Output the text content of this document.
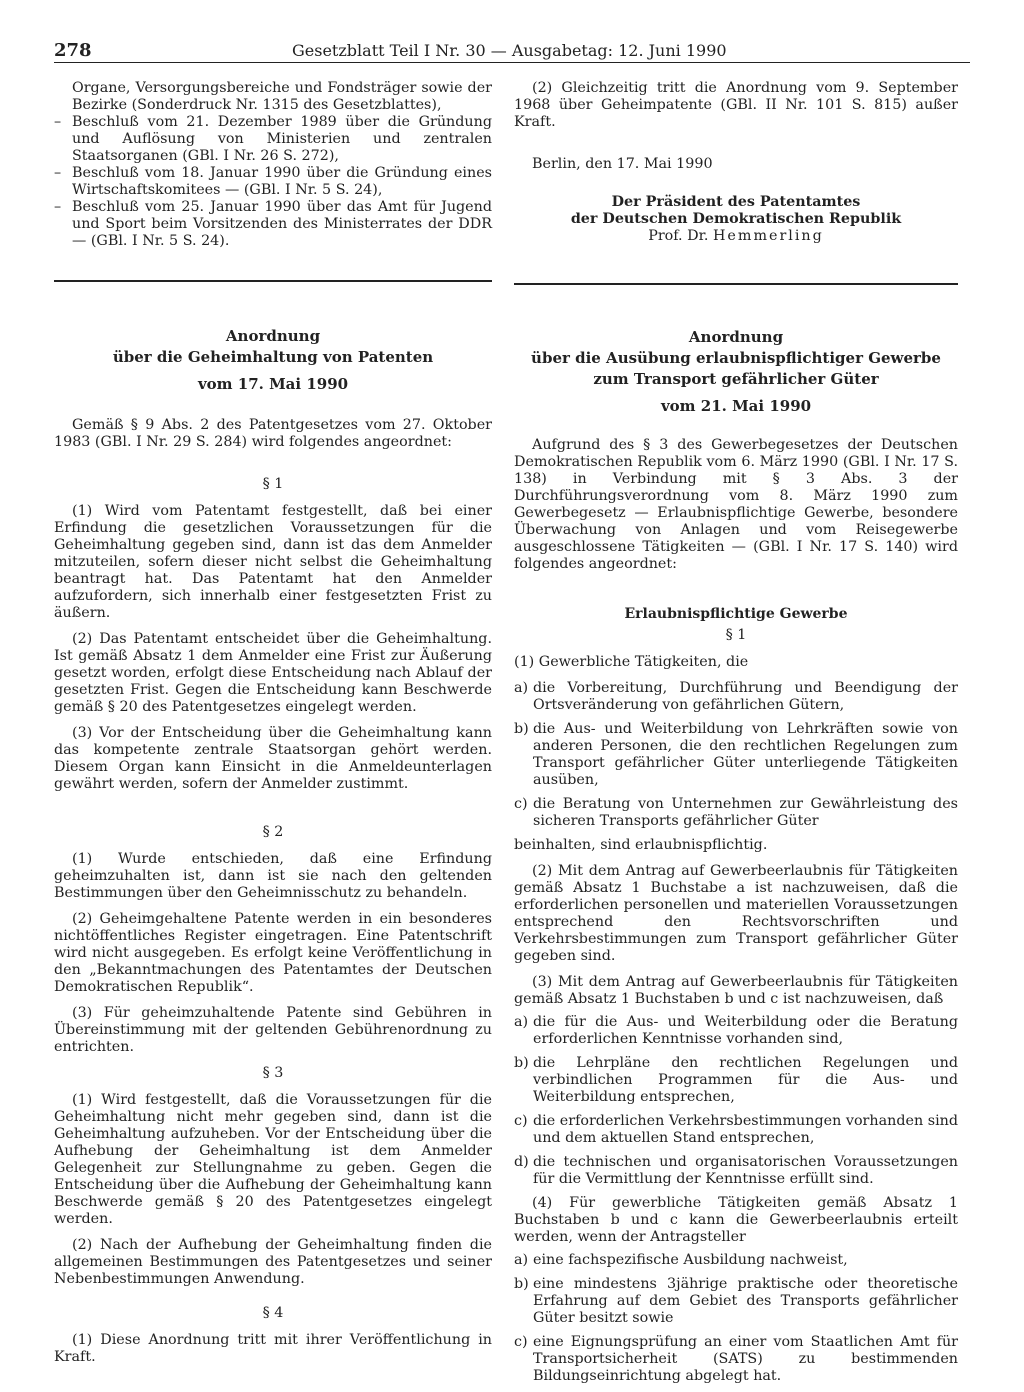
278	Gesetzblatt Teil I Nr. 30 — Ausgabetag: 12. Juni 1990

Organe, Versorgungsbereiche und Fondsträger sowie der Bezirke (Sonderdruck Nr. 1315 des Gesetzblattes),

– Beschluß vom 21. Dezember 1989 über die Gründung und Auflösung von Ministerien und zentralen Staatsorganen (GBl. I Nr. 26 S. 272),
– Beschluß vom 18. Januar 1990 über die Gründung eines Wirtschaftskomitees — (GBl. I Nr. 5 S. 24),
– Beschluß vom 25. Januar 1990 über das Amt für Jugend und Sport beim Vorsitzenden des Ministerrates der DDR — (GBl. I Nr. 5 S. 24).
Anordnung
über die Geheimhaltung von Patenten
vom 17. Mai 1990

Gemäß § 9 Abs. 2 des Patentgesetzes vom 27. Oktober 1983 (GBl. I Nr. 29 S. 284) wird folgendes angeordnet:

§ 1

(1) Wird vom Patentamt festgestellt, daß bei einer Erfindung die gesetzlichen Voraussetzungen für die Geheimhaltung gegeben sind, dann ist das dem Anmelder mitzuteilen, sofern dieser nicht selbst die Geheimhaltung beantragt hat. Das Patentamt hat den Anmelder aufzufordern, sich innerhalb einer festgesetzten Frist zu äußern.

(2) Das Patentamt entscheidet über die Geheimhaltung. Ist gemäß Absatz 1 dem Anmelder eine Frist zur Äußerung gesetzt worden, erfolgt diese Entscheidung nach Ablauf der gesetzten Frist. Gegen die Entscheidung kann Beschwerde gemäß § 20 des Patentgesetzes eingelegt werden.

(3) Vor der Entscheidung über die Geheimhaltung kann das kompetente zentrale Staatsorgan gehört werden. Diesem Organ kann Einsicht in die Anmeldeunterlagen gewährt werden, sofern der Anmelder zustimmt.

§ 2

(1) Wurde entschieden, daß eine Erfindung geheimzuhalten ist, dann ist sie nach den geltenden Bestimmungen über den Geheimnisschutz zu behandeln.

(2) Geheimgehaltene Patente werden in ein besonderes nichtöffentliches Register eingetragen. Eine Patentschrift wird nicht ausgegeben. Es erfolgt keine Veröffentlichung in den „Bekanntmachungen des Patentamtes der Deutschen Demokratischen Republik“.

(3) Für geheimzuhaltende Patente sind Gebühren in Übereinstimmung mit der geltenden Gebührenordnung zu entrichten.

§ 3

(1) Wird festgestellt, daß die Voraussetzungen für die Geheimhaltung nicht mehr gegeben sind, dann ist die Geheimhaltung aufzuheben. Vor der Entscheidung über die Aufhebung der Geheimhaltung ist dem Anmelder Gelegenheit zur Stellungnahme zu geben. Gegen die Entscheidung über die Aufhebung der Geheimhaltung kann Beschwerde gemäß § 20 des Patentgesetzes eingelegt werden.

(2) Nach der Aufhebung der Geheimhaltung finden die allgemeinen Bestimmungen des Patentgesetzes und seiner Nebenbestimmungen Anwendung.

§ 4

(1) Diese Anordnung tritt mit ihrer Veröffentlichung in Kraft.

(2) Gleichzeitig tritt die Anordnung vom 9. September 1968 über Geheimpatente (GBl. II Nr. 101 S. 815) außer Kraft.

Berlin, den 17. Mai 1990

Der Präsident des Patentamtes
der Deutschen Demokratischen Republik
Prof. Dr. Hemmerling
Anordnung
über die Ausübung erlaubnispflichtiger Gewerbe
zum Transport gefährlicher Güter
vom 21. Mai 1990

Aufgrund des § 3 des Gewerbegesetzes der Deutschen Demokratischen Republik vom 6. März 1990 (GBl. I Nr. 17 S. 138) in Verbindung mit § 3 Abs. 3 der Durchführungsverordnung vom 8. März 1990 zum Gewerbegesetz — Erlaubnispflichtige Gewerbe, besondere Überwachung von Anlagen und vom Reisegewerbe ausgeschlossene Tätigkeiten — (GBl. I Nr. 17 S. 140) wird folgendes angeordnet:

Erlaubnispflichtige Gewerbe

§ 1

(1) Gewerbliche Tätigkeiten, die

a) die Vorbereitung, Durchführung und Beendigung der Ortsveränderung von gefährlichen Gütern,
b) die Aus- und Weiterbildung von Lehrkräften sowie von anderen Personen, die den rechtlichen Regelungen zum Transport gefährlicher Güter unterliegende Tätigkeiten ausüben,
c) die Beratung von Unternehmen zur Gewährleistung des sicheren Transports gefährlicher Güter

beinhalten, sind erlaubnispflichtig.

(2) Mit dem Antrag auf Gewerbeerlaubnis für Tätigkeiten gemäß Absatz 1 Buchstabe a ist nachzuweisen, daß die erforderlichen personellen und materiellen Voraussetzungen entsprechend den Rechtsvorschriften und Verkehrsbestimmungen zum Transport gefährlicher Güter gegeben sind.

(3) Mit dem Antrag auf Gewerbeerlaubnis für Tätigkeiten gemäß Absatz 1 Buchstaben b und c ist nachzuweisen, daß

a) die für die Aus- und Weiterbildung oder die Beratung erforderlichen Kenntnisse vorhanden sind,
b) die Lehrpläne den rechtlichen Regelungen und verbindlichen Programmen für die Aus- und Weiterbildung entsprechen,
c) die erforderlichen Verkehrsbestimmungen vorhanden sind und dem aktuellen Stand entsprechen,
d) die technischen und organisatorischen Voraussetzungen für die Vermittlung der Kenntnisse erfüllt sind.

(4) Für gewerbliche Tätigkeiten gemäß Absatz 1 Buchstaben b und c kann die Gewerbeerlaubnis erteilt werden, wenn der Antragsteller

a) eine fachspezifische Ausbildung nachweist,
b) eine mindestens 3jährige praktische oder theoretische Erfahrung auf dem Gebiet des Transports gefährlicher Güter besitzt sowie
c) eine Eignungsprüfung an einer vom Staatlichen Amt für Transportsicherheit (SATS) zu bestimmenden Bildungseinrichtung abgelegt hat.
